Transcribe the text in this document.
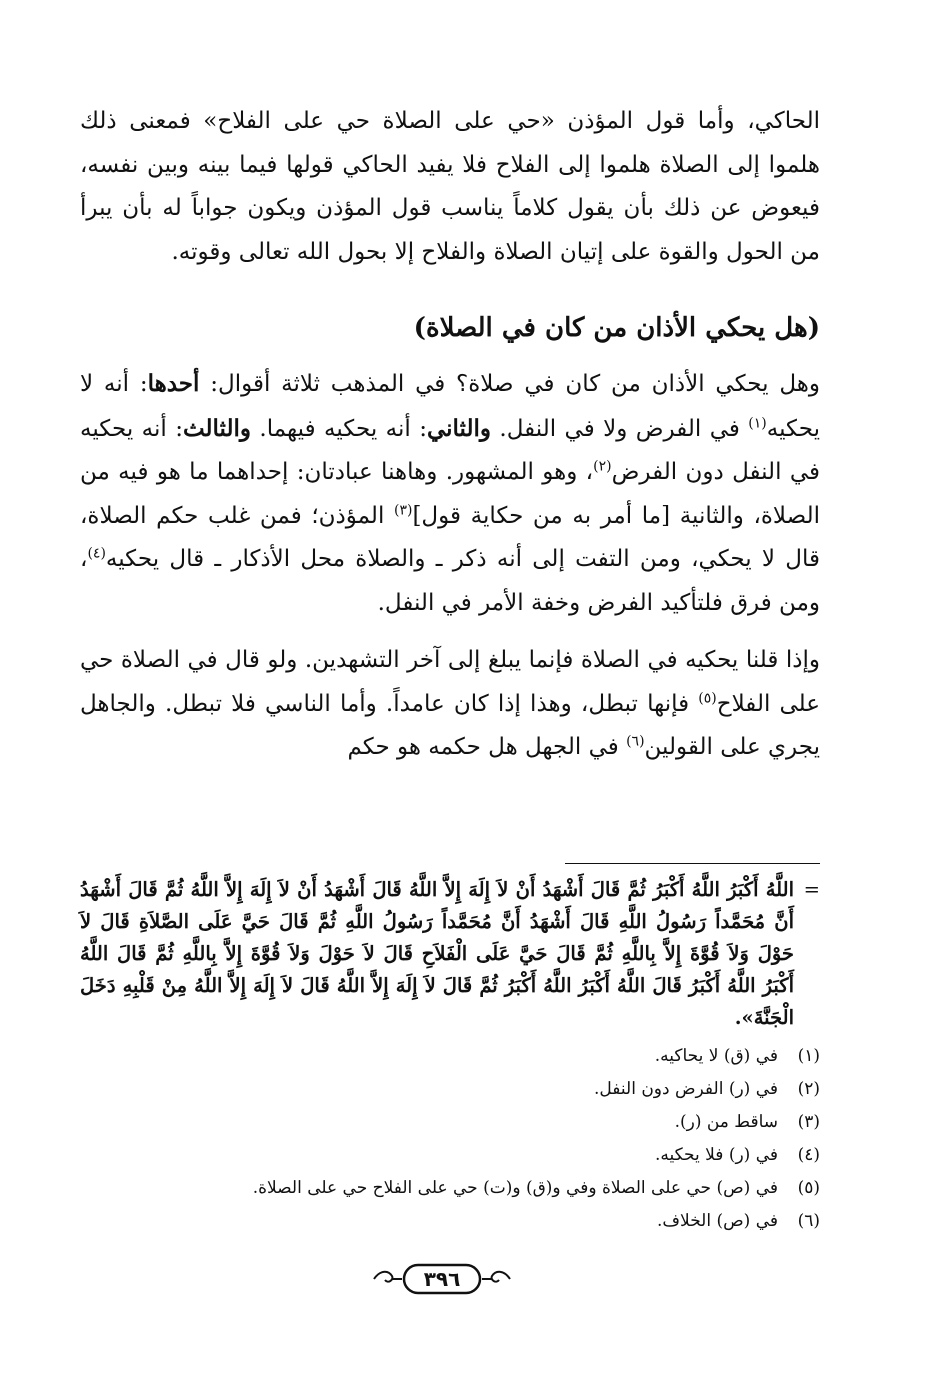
الحاكي، وأما قول المؤذن «حي على الصلاة حي على الفلاح» فمعنى ذلك هلموا إلى الصلاة هلموا إلى الفلاح فلا يفيد الحاكي قولها فيما بينه وبين نفسه، فيعوض عن ذلك بأن يقول كلاماً يناسب قول المؤذن ويكون جواباً له بأن يبرأ من الحول والقوة على إتيان الصلاة والفلاح إلا بحول الله تعالى وقوته.

(هل يحكي الأذان من كان في الصلاة)

وهل يحكي الأذان من كان في صلاة؟ في المذهب ثلاثة أقوال: أحدها: أنه لا يحكيه$^{(١)}$ في الفرض ولا في النفل. والثاني: أنه يحكيه فيهما. والثالث: أنه يحكيه في النفل دون الفرض$^{(٢)}$، وهو المشهور. وهاهنا عبادتان: إحداهما ما هو فيه من الصلاة، والثانية [ما أمر به من حكاية قول]$^{(٣)}$ المؤذن؛ فمن غلب حكم الصلاة، قال لا يحكي، ومن التفت إلى أنه ذكر ـ والصلاة محل الأذكار ـ قال يحكيه$^{(٤)}$، ومن فرق فلتأكيد الفرض وخفة الأمر في النفل.

وإذا قلنا يحكيه في الصلاة فإنما يبلغ إلى آخر التشهدين. ولو قال في الصلاة حي على الفلاح$^{(٥)}$ فإنها تبطل، وهذا إذا كان عامداً. وأما الناسي فلا تبطل. والجاهل يجري على القولين$^{(٦)}$ في الجهل هل حكمه هو حكم

=
اللَّهُ أَكْبَرُ اللَّهُ أَكْبَرُ ثُمَّ قَالَ أَشْهَدُ أَنْ لاَ إِلَهَ إِلاَّ اللَّهُ قَالَ أَشْهَدُ أَنْ لاَ إِلَهَ إِلاَّ اللَّهُ ثُمَّ قَالَ أَشْهَدُ أَنَّ مُحَمَّداً رَسُولُ اللَّهِ قَالَ أَشْهَدُ أَنَّ مُحَمَّداً رَسُولُ اللَّهِ ثُمَّ قَالَ حَيَّ عَلَى الصَّلاَةِ قَالَ لاَ حَوْلَ وَلاَ قُوَّةَ إِلاَّ بِاللَّهِ ثُمَّ قَالَ حَيَّ عَلَى الْفَلاَحِ قَالَ لاَ حَوْلَ وَلاَ قُوَّةَ إِلاَّ بِاللَّهِ ثُمَّ قَالَ اللَّهُ أَكْبَرُ اللَّهُ أَكْبَرُ قَالَ اللَّهُ أَكْبَرُ اللَّهُ أَكْبَرُ ثُمَّ قَالَ لاَ إِلَهَ إِلاَّ اللَّهُ قَالَ لاَ إِلَهَ إِلاَّ اللَّهُ مِنْ قَلْبِهِ دَخَلَ الْجَنَّةَ».

(١)
في (ق) لا يحاكيه.
(٢)
في (ر) الفرض دون النفل.
(٣)
ساقط من (ر).
(٤)
في (ر) فلا يحكيه.
(٥)
في (ص) حي على الصلاة وفي و(ق) و(ت) حي على الفلاح حي على الصلاة.
(٦)
في (ص) الخلاف.
٣٩٦
